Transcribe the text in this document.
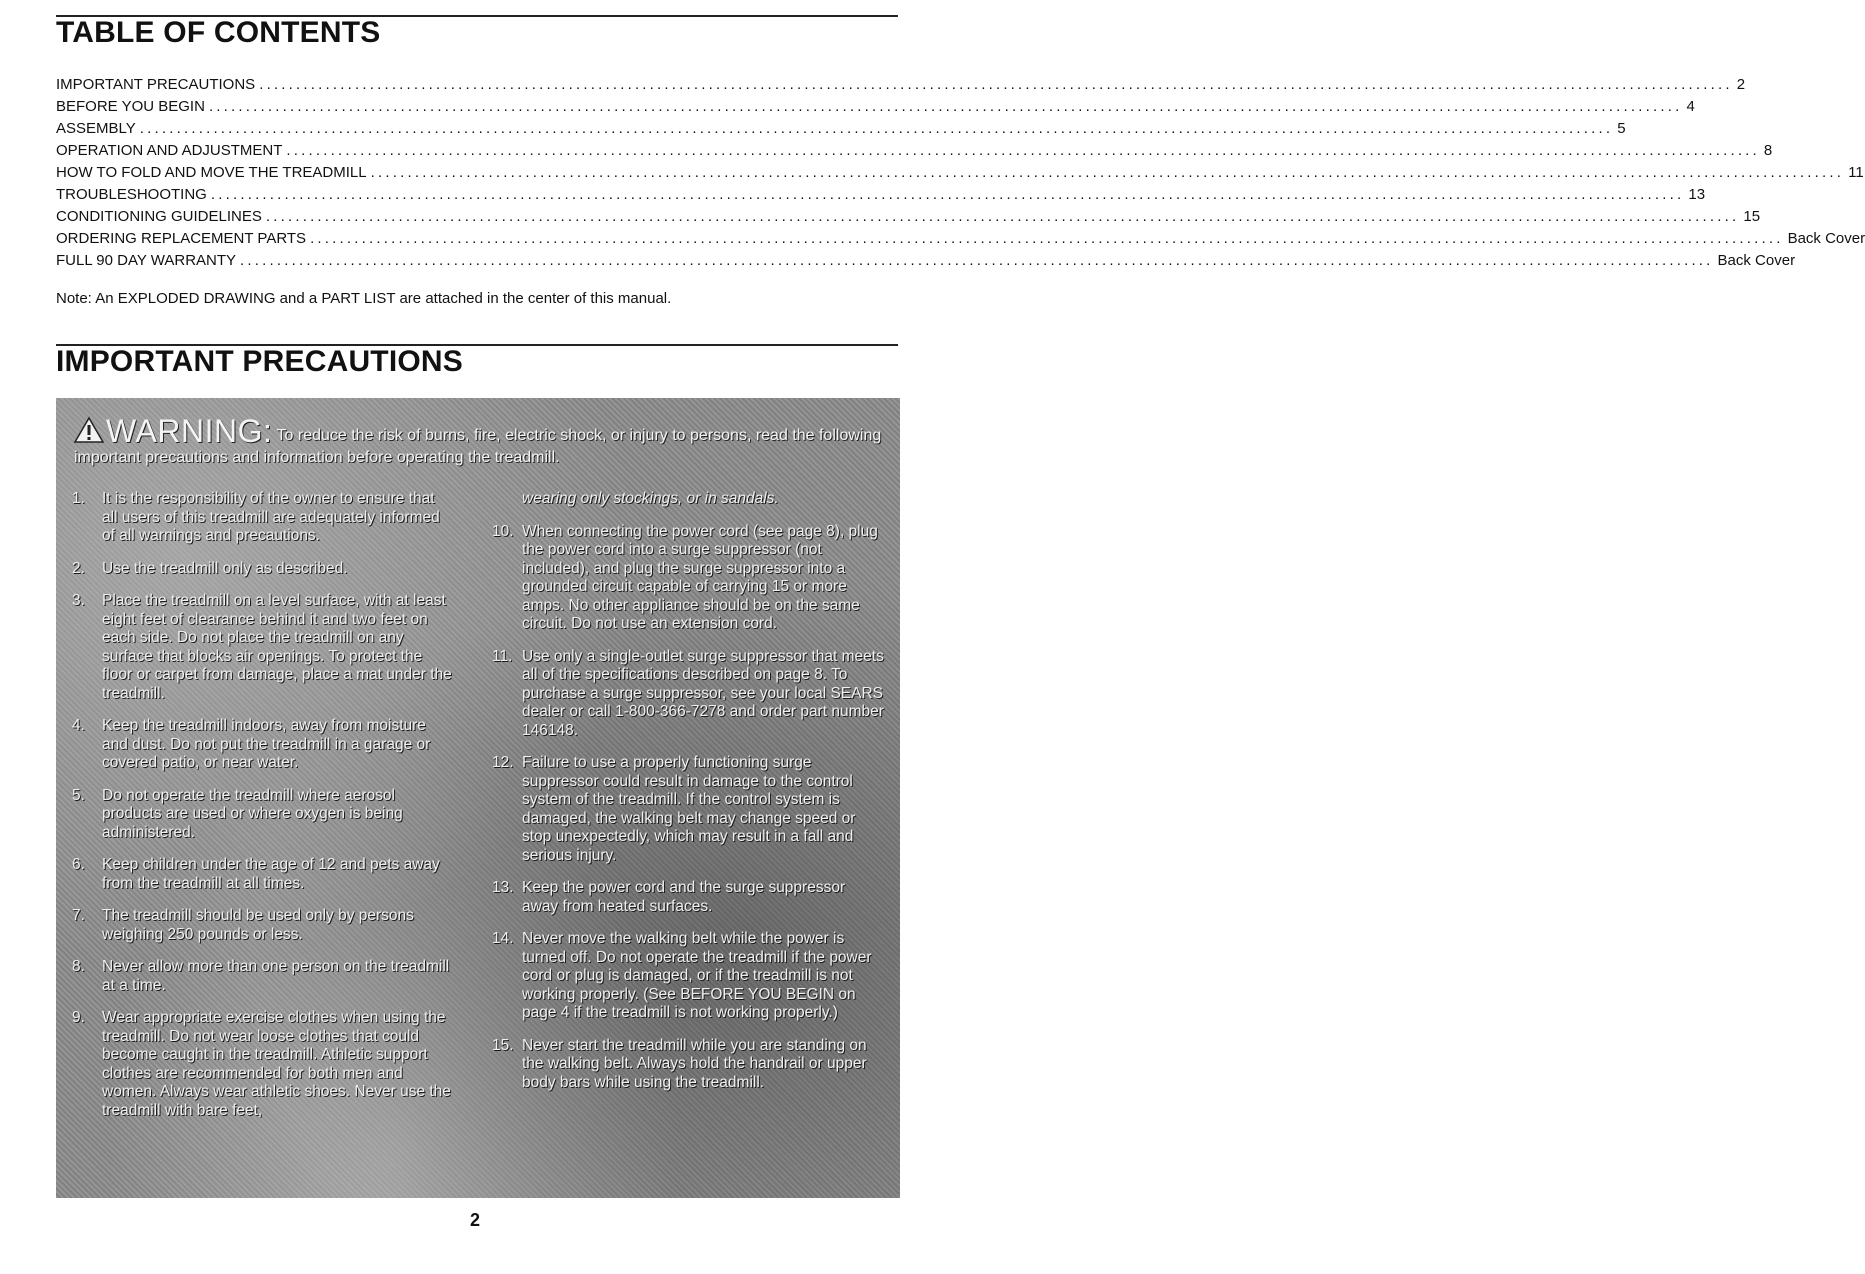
TABLE OF CONTENTS
IMPORTANT PRECAUTIONS ........................................................................................................................................................................................................ 2
BEFORE YOU BEGIN ........................................................................................................................................................................................................ 4
ASSEMBLY ........................................................................................................................................................................................................ 5
OPERATION AND ADJUSTMENT ........................................................................................................................................................................................................ 8
HOW TO FOLD AND MOVE THE TREADMILL ........................................................................................................................................................................................................ 11
TROUBLESHOOTING ........................................................................................................................................................................................................ 13
CONDITIONING GUIDELINES ........................................................................................................................................................................................................ 15
ORDERING REPLACEMENT PARTS ........................................................................................................................................................................................................ Back Cover
FULL 90 DAY WARRANTY ........................................................................................................................................................................................................ Back Cover
Note: An EXPLODED DRAWING and a PART LIST are attached in the center of this manual.
IMPORTANT PRECAUTIONS
WARNING: To reduce the risk of burns, fire, electric shock, or injury to persons, read the following important precautions and information before operating the treadmill.
1.	It is the responsibility of the owner to ensure that all users of this treadmill are adequately informed of all warnings and precautions.
2.	Use the treadmill only as described.
3.	Place the treadmill on a level surface, with at least eight feet of clearance behind it and two feet on each side. Do not place the treadmill on any surface that blocks air openings. To protect the floor or carpet from damage, place a mat under the treadmill.
4.	Keep the treadmill indoors, away from moisture and dust. Do not put the treadmill in a garage or covered patio, or near water.
5.	Do not operate the treadmill where aerosol products are used or where oxygen is being administered.
6.	Keep children under the age of 12 and pets away from the treadmill at all times.
7.	The treadmill should be used only by persons weighing 250 pounds or less.
8.	Never allow more than one person on the treadmill at a time.
9.	Wear appropriate exercise clothes when using the treadmill. Do not wear loose clothes that could become caught in the treadmill. Athletic support clothes are recommended for both men and women. Always wear athletic shoes. Never use the treadmill with bare feet,
wearing only stockings, or in sandals.
10. When connecting the power cord (see page 8), plug the power cord into a surge suppressor (not included), and plug the surge suppressor into a grounded circuit capable of carrying 15 or more amps. No other appliance should be on the same circuit. Do not use an extension cord.
11. Use only a single-outlet surge suppressor that meets all of the specifications described on page 8. To purchase a surge suppressor, see your local SEARS dealer or call 1-800-366-7278 and order part number 146148.
12. Failure to use a properly functioning surge suppressor could result in damage to the control system of the treadmill. If the control system is damaged, the walking belt may change speed or stop unexpectedly, which may result in a fall and serious injury.
13. Keep the power cord and the surge suppressor away from heated surfaces.
14. Never move the walking belt while the power is turned off. Do not operate the treadmill if the power cord or plug is damaged, or if the treadmill is not working properly. (See BEFORE YOU BEGIN on page 4 if the treadmill is not working properly.)
15. Never start the treadmill while you are standing on the walking belt. Always hold the handrail or upper body bars while using the treadmill.
2
